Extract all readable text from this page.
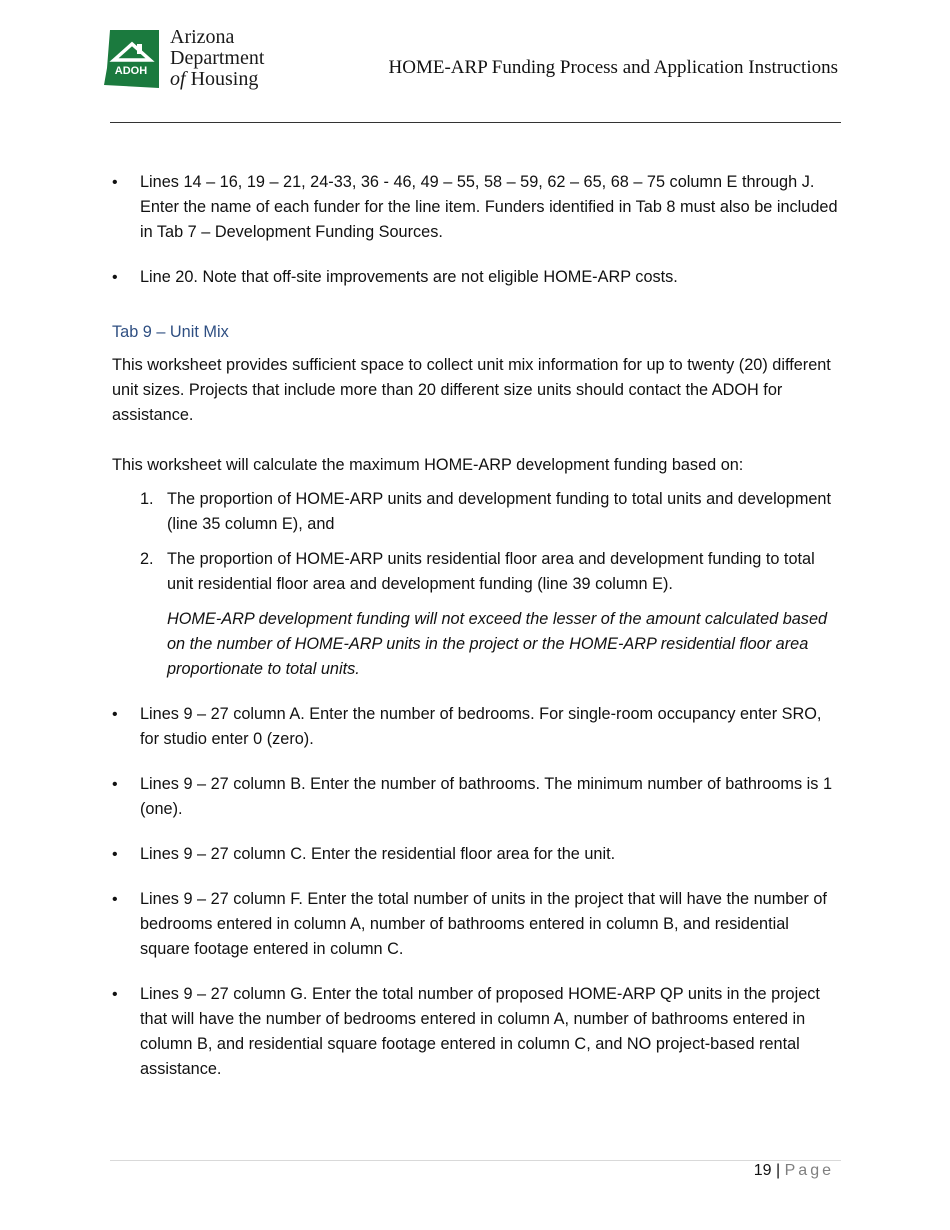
ADOH
Arizona
Department
of Housing
HOME-ARP Funding Process and Application Instructions
• Lines 14 – 16, 19 – 21, 24-33, 36 - 46, 49 – 55, 58 – 59, 62 – 65, 68 – 75 column E through J. Enter the name of each funder for the line item. Funders identified in Tab 8 must also be included in Tab 7 – Development Funding Sources.
• Line 20. Note that off-site improvements are not eligible HOME-ARP costs.
Tab 9 – Unit Mix
This worksheet provides sufficient space to collect unit mix information for up to twenty (20) different unit sizes. Projects that include more than 20 different size units should contact the ADOH for assistance.
This worksheet will calculate the maximum HOME-ARP development funding based on:
1. The proportion of HOME-ARP units and development funding to total units and development (line 35 column E), and
2. The proportion of HOME-ARP units residential floor area and development funding to total unit residential floor area and development funding (line 39 column E).
HOME-ARP development funding will not exceed the lesser of the amount calculated based on the number of HOME-ARP units in the project or the HOME-ARP residential floor area proportionate to total units.
• Lines 9 – 27 column A. Enter the number of bedrooms. For single-room occupancy enter SRO, for studio enter 0 (zero).
• Lines 9 – 27 column B. Enter the number of bathrooms. The minimum number of bathrooms is 1 (one).
• Lines 9 – 27 column C. Enter the residential floor area for the unit.
• Lines 9 – 27 column F. Enter the total number of units in the project that will have the number of bedrooms entered in column A, number of bathrooms entered in column B, and residential square footage entered in column C.
• Lines 9 – 27 column G. Enter the total number of proposed HOME-ARP QP units in the project that will have the number of bedrooms entered in column A, number of bathrooms entered in column B, and residential square footage entered in column C, and NO project-based rental assistance.
19 | Page
